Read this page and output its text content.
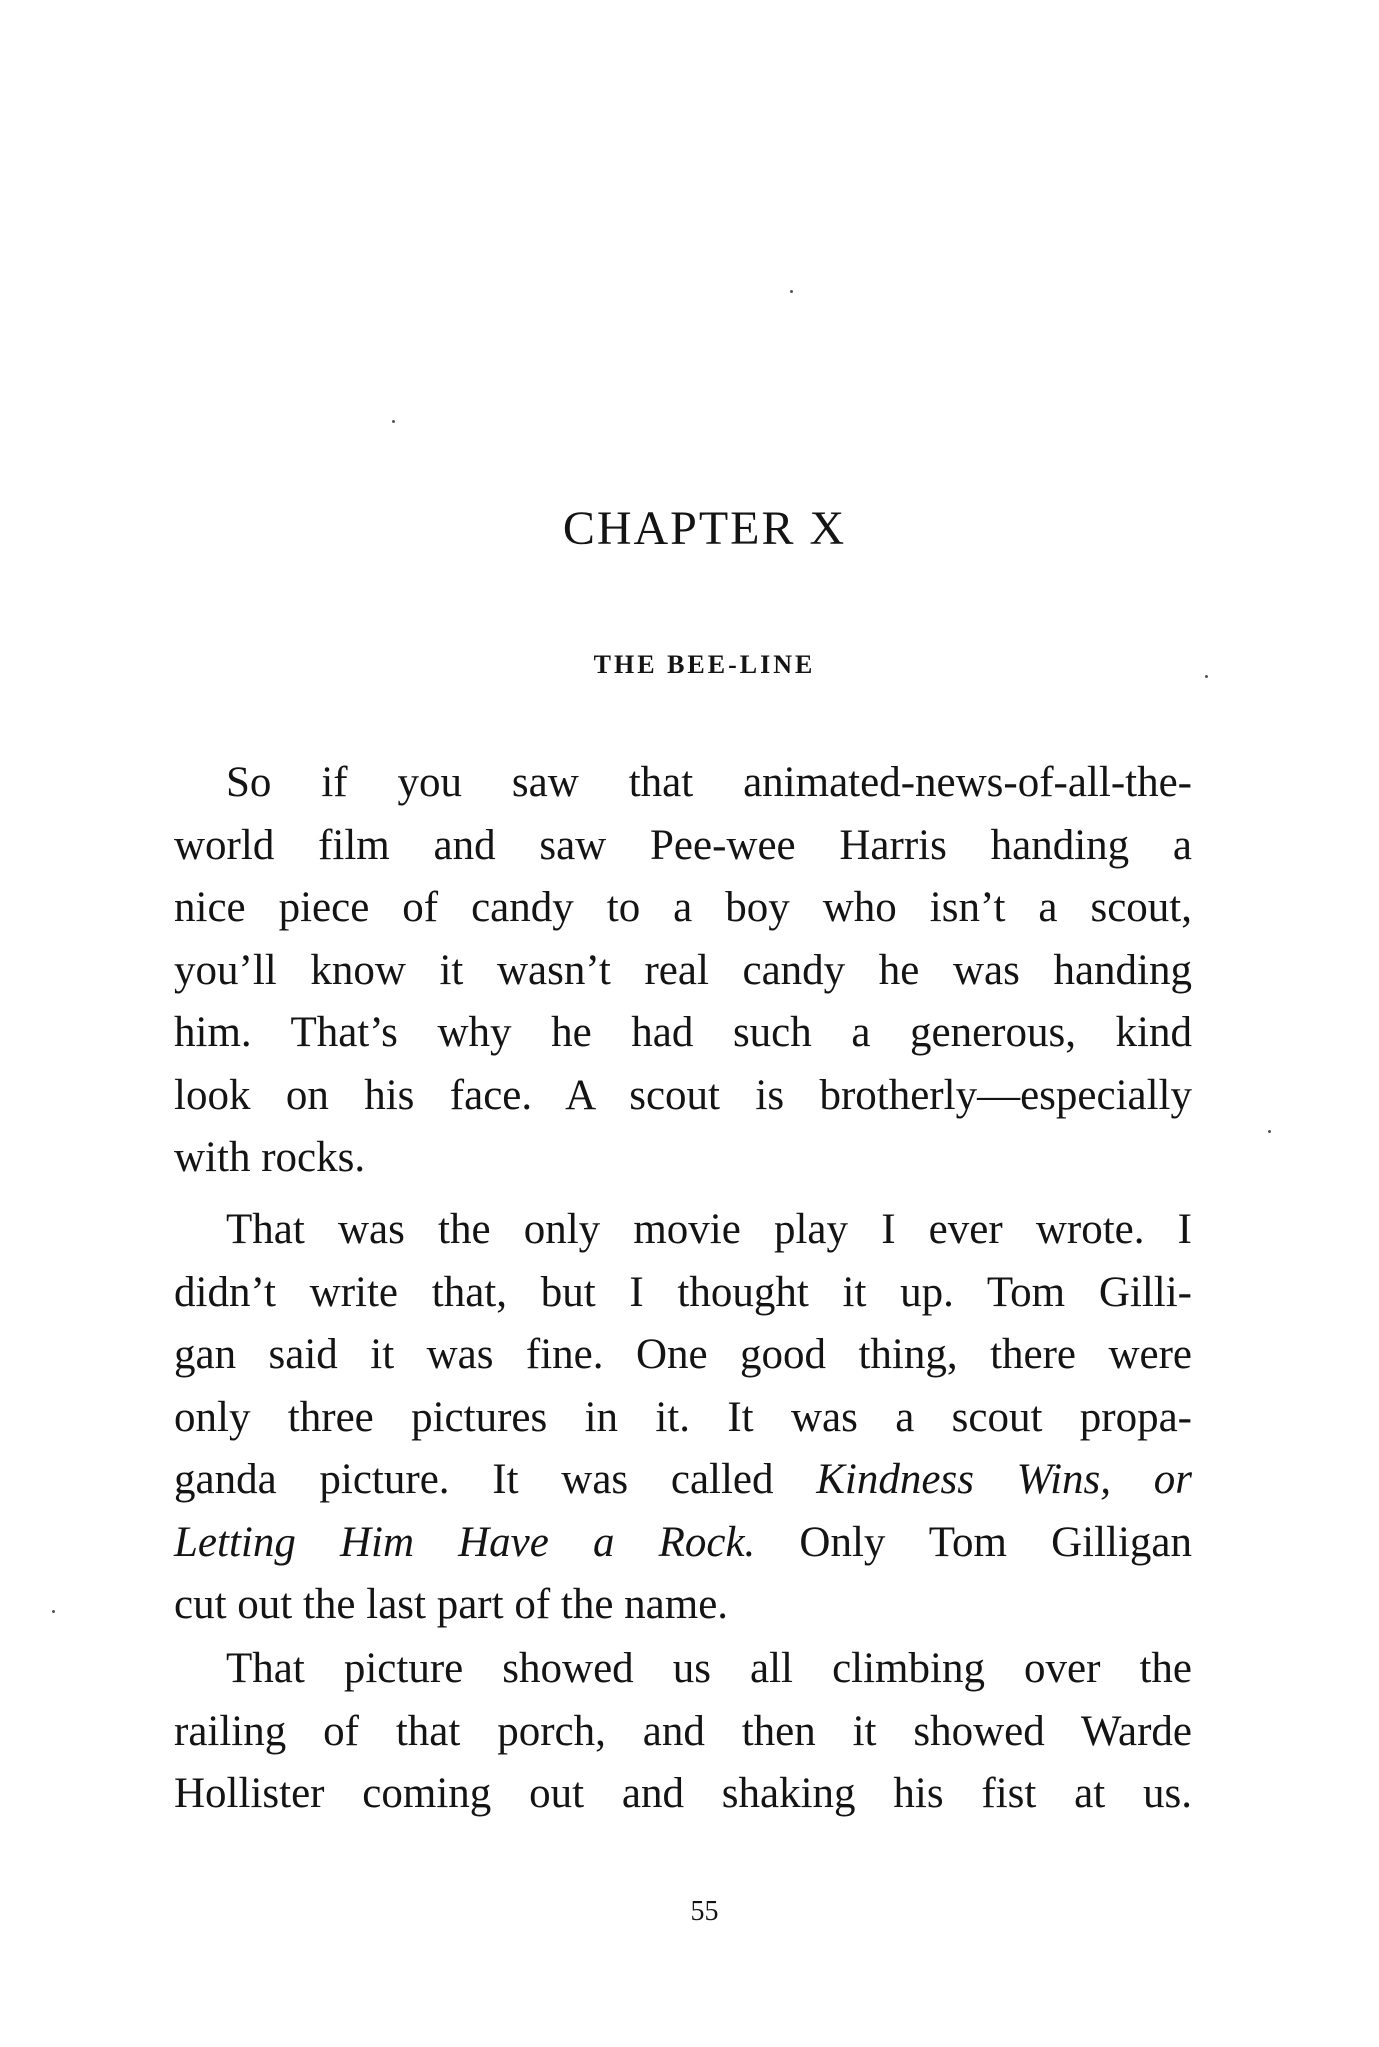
CHAPTER X
THE BEE-LINE
So if you saw that animated-news-of-all-the-
world film and saw Pee-wee Harris handing a
nice piece of candy to a boy who isn’t a scout,
you’ll know it wasn’t real candy he was handing
him. That’s why he had such a generous, kind
look on his face. A scout is brotherly—especially
with rocks.
That was the only movie play I ever wrote. I
didn’t write that, but I thought it up. Tom Gilli-
gan said it was fine. One good thing, there were
only three pictures in it. It was a scout propa-
ganda picture. It was called Kindness Wins, or
Letting Him Have a Rock. Only Tom Gilligan
cut out the last part of the name.
That picture showed us all climbing over the
railing of that porch, and then it showed Warde
Hollister coming out and shaking his fist at us.
55
